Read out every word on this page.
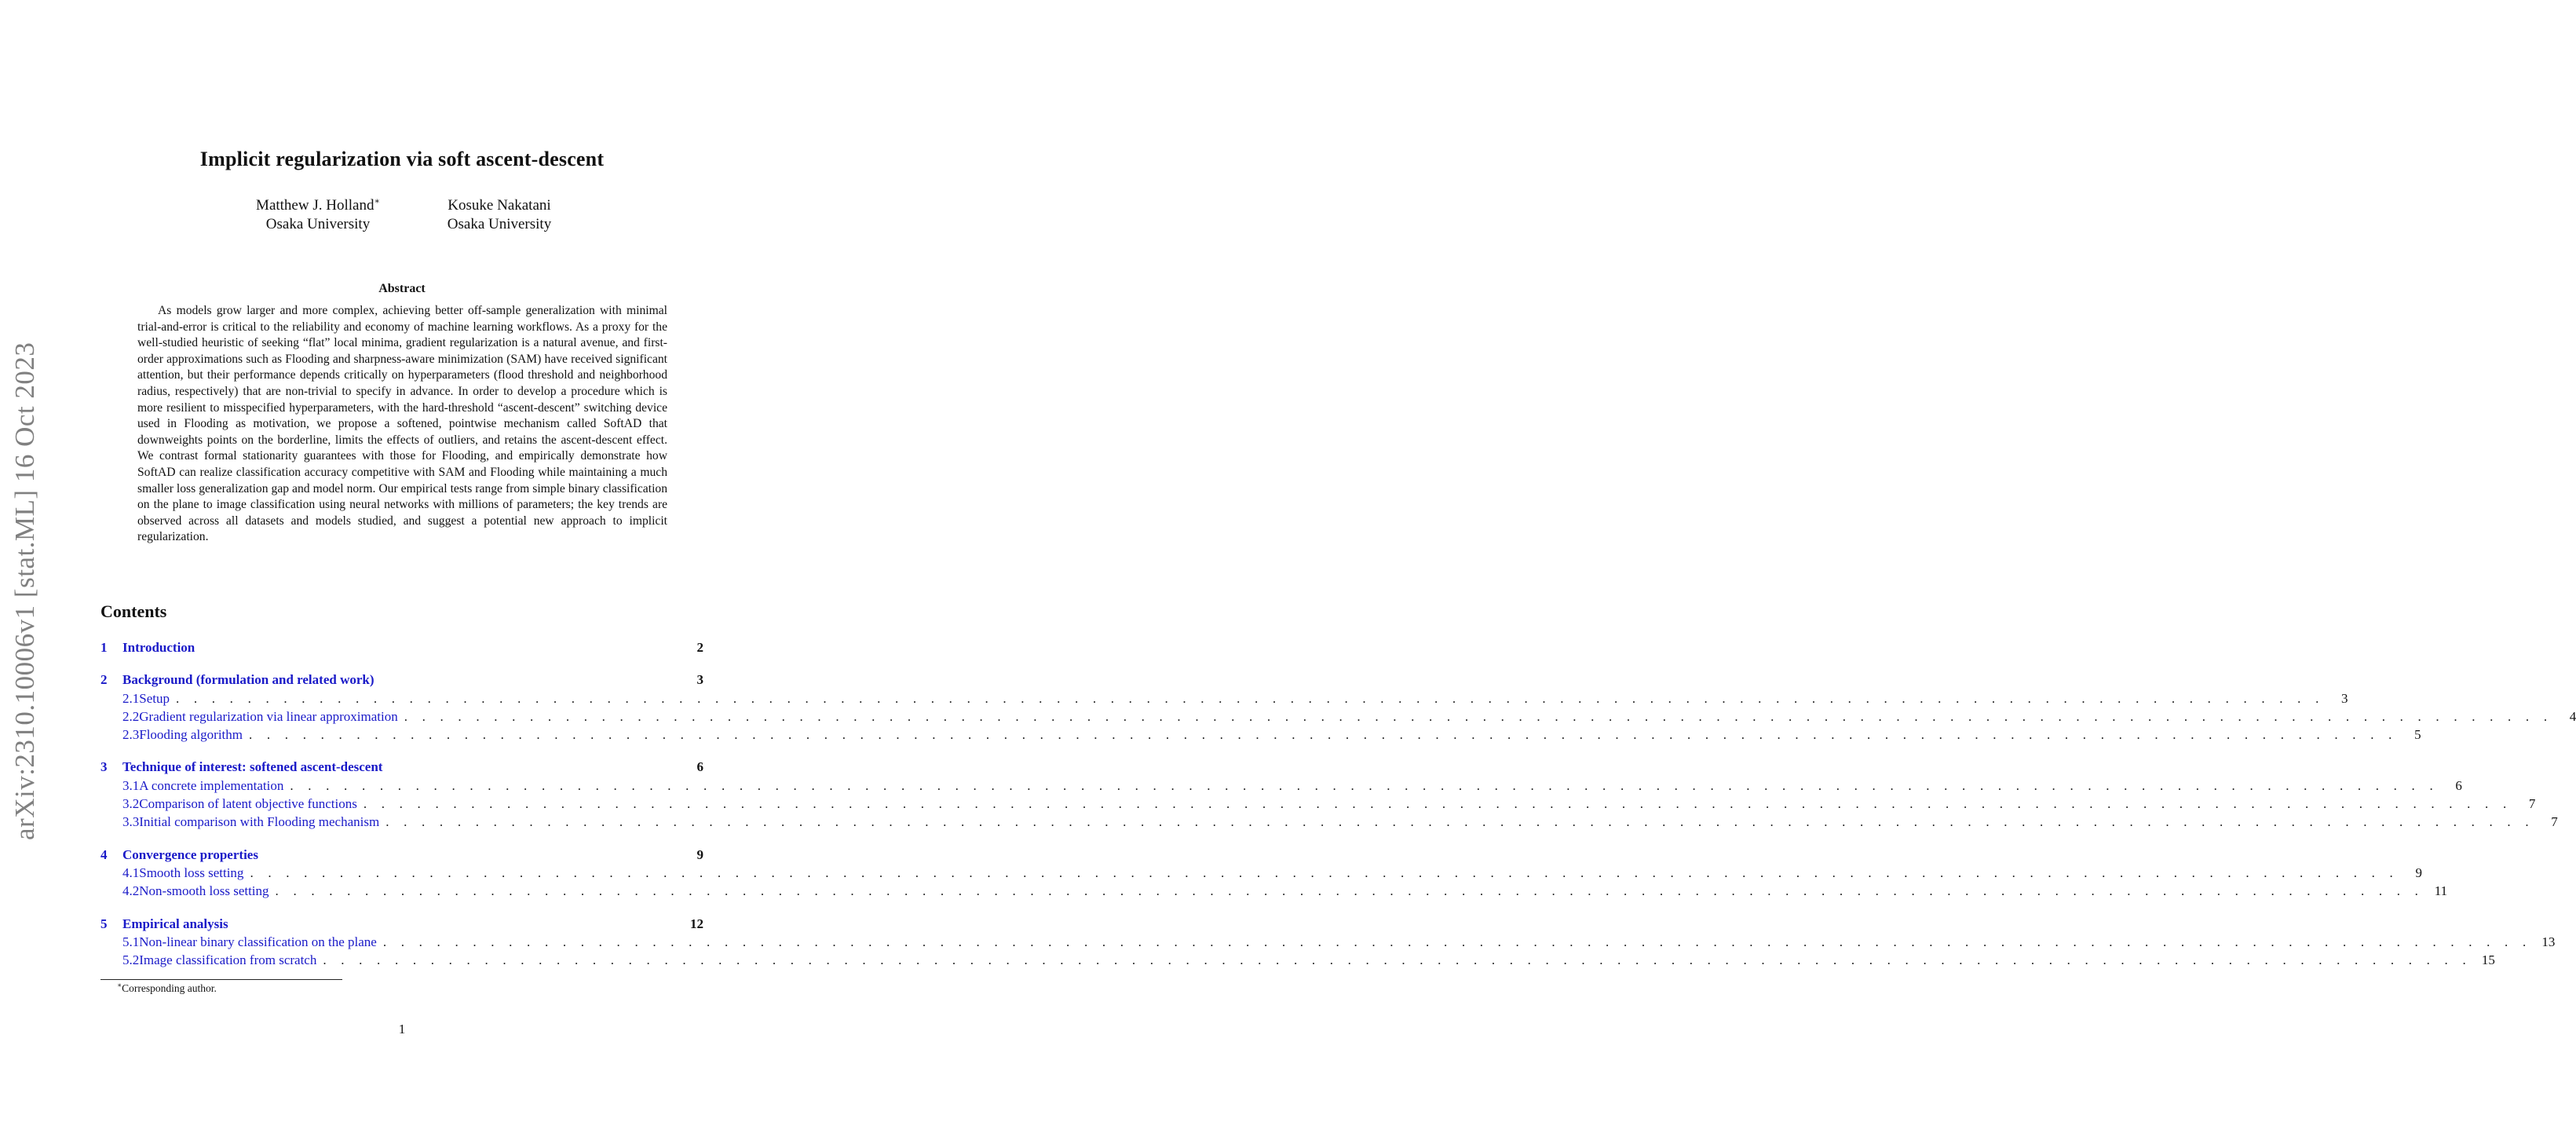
arXiv:2310.10006v1 [stat.ML] 16 Oct 2023
Implicit regularization via soft ascent-descent
Matthew J. Holland∗
Osaka University
Kosuke Nakatani
Osaka University
Abstract
As models grow larger and more complex, achieving better off-sample generalization with minimal trial-and-error is critical to the reliability and economy of machine learning workflows. As a proxy for the well-studied heuristic of seeking “flat” local minima, gradient regularization is a natural avenue, and first-order approximations such as Flooding and sharpness-aware minimization (SAM) have received significant attention, but their performance depends critically on hyperparameters (flood threshold and neighborhood radius, respectively) that are non-trivial to specify in advance. In order to develop a procedure which is more resilient to misspecified hyperparameters, with the hard-threshold “ascent-descent” switching device used in Flooding as motivation, we propose a softened, pointwise mechanism called SoftAD that downweights points on the borderline, limits the effects of outliers, and retains the ascent-descent effect. We contrast formal stationarity guarantees with those for Flooding, and empirically demonstrate how SoftAD can realize classification accuracy competitive with SAM and Flooding while maintaining a much smaller loss generalization gap and model norm. Our empirical tests range from simple binary classification on the plane to image classification using neural networks with millions of parameters; the key trends are observed across all datasets and models studied, and suggest a potential new approach to implicit regularization.
Contents
1	Introduction	2
2	Background (formulation and related work)	3
2.1 Setup . . . . . . . . . . . . . . . . . . . . . . . . . . . . . . . . . . . . . . . . . . . . . . . . . . . . . . . . . . . . . . . . . . . . . . . . . . . . . . . . . . . . . . . . . . . . . . . . . . . . . . . . . . . . . . . . . . . . . . . .	3
2.2 Gradient regularization via linear approximation . . . . . . . . . . . . . . . . . . . . . . . . . . . . . . . . . . . . . . . . . . . . . . . . . . . . . . . . . . . . . . . . . . . . . . . . . . . . . . . . . . . . . . . . . . . . . . . . . . . . . . . . . . . . . . . . . . . . . . . .	4
2.3 Flooding algorithm . . . . . . . . . . . . . . . . . . . . . . . . . . . . . . . . . . . . . . . . . . . . . . . . . . . . . . . . . . . . . . . . . . . . . . . . . . . . . . . . . . . . . . . . . . . . . . . . . . . . . . . . . . . . . . . . . . . . . . . .	5
3	Technique of interest: softened ascent-descent	6
3.1 A concrete implementation . . . . . . . . . . . . . . . . . . . . . . . . . . . . . . . . . . . . . . . . . . . . . . . . . . . . . . . . . . . . . . . . . . . . . . . . . . . . . . . . . . . . . . . . . . . . . . . . . . . . . . . . . . . . . . . . . . . . . . . .	6
3.2 Comparison of latent objective functions . . . . . . . . . . . . . . . . . . . . . . . . . . . . . . . . . . . . . . . . . . . . . . . . . . . . . . . . . . . . . . . . . . . . . . . . . . . . . . . . . . . . . . . . . . . . . . . . . . . . . . . . . . . . . . . . . . . . . . . .	7
3.3 Initial comparison with Flooding mechanism . . . . . . . . . . . . . . . . . . . . . . . . . . . . . . . . . . . . . . . . . . . . . . . . . . . . . . . . . . . . . . . . . . . . . . . . . . . . . . . . . . . . . . . . . . . . . . . . . . . . . . . . . . . . . . . . . . . . . . . .	7
4	Convergence properties	9
4.1 Smooth loss setting . . . . . . . . . . . . . . . . . . . . . . . . . . . . . . . . . . . . . . . . . . . . . . . . . . . . . . . . . . . . . . . . . . . . . . . . . . . . . . . . . . . . . . . . . . . . . . . . . . . . . . . . . . . . . . . . . . . . . . . .	9
4.2 Non-smooth loss setting . . . . . . . . . . . . . . . . . . . . . . . . . . . . . . . . . . . . . . . . . . . . . . . . . . . . . . . . . . . . . . . . . . . . . . . . . . . . . . . . . . . . . . . . . . . . . . . . . . . . . . . . . . . . . . . . . . . . . . . . 11
5	Empirical analysis	12
5.1 Non-linear binary classification on the plane . . . . . . . . . . . . . . . . . . . . . . . . . . . . . . . . . . . . . . . . . . . . . . . . . . . . . . . . . . . . . . . . . . . . . . . . . . . . . . . . . . . . . . . . . . . . . . . . . . . . . . . . . . . . . . . . . . . . . . . . 13
5.2 Image classification from scratch . . . . . . . . . . . . . . . . . . . . . . . . . . . . . . . . . . . . . . . . . . . . . . . . . . . . . . . . . . . . . . . . . . . . . . . . . . . . . . . . . . . . . . . . . . . . . . . . . . . . . . . . . . . . . . . . . . . . . . . . 15
∗Corresponding author.
1
